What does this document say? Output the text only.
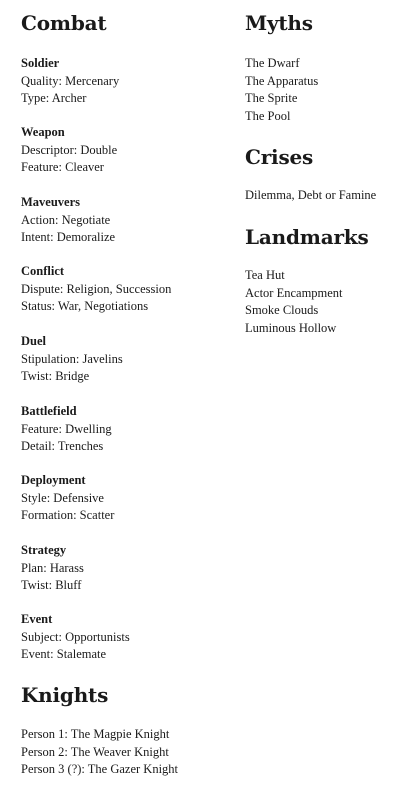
Combat
Soldier
Quality: Mercenary
Type: Archer
Weapon
Descriptor: Double
Feature: Cleaver
Maveuvers
Action: Negotiate
Intent: Demoralize
Conflict
Dispute: Religion, Succession
Status: War, Negotiations
Duel
Stipulation: Javelins
Twist: Bridge
Battlefield
Feature: Dwelling
Detail: Trenches
Deployment
Style: Defensive
Formation: Scatter
Strategy
Plan: Harass
Twist: Bluff
Event
Subject: Opportunists
Event: Stalemate
Knights
Person 1: The Magpie Knight
Person 2: The Weaver Knight
Person 3 (?): The Gazer Knight
Myths
The Dwarf
The Apparatus
The Sprite
The Pool
Crises
Dilemma, Debt or Famine
Landmarks
Tea Hut
Actor Encampment
Smoke Clouds
Luminous Hollow
